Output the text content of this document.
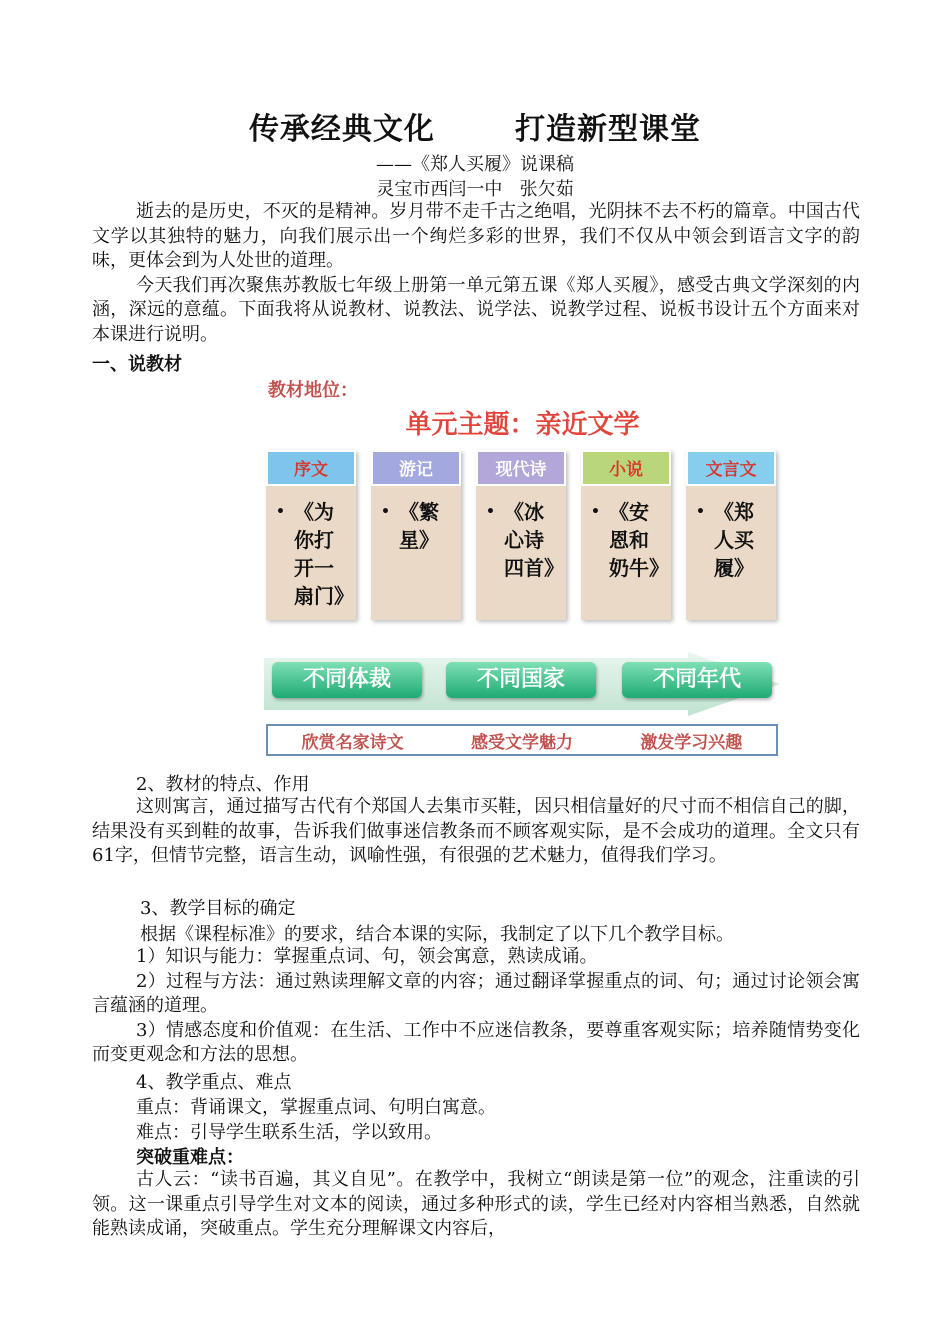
传承经典文化       打造新型课堂
——《郑人买履》说课稿
灵宝市西闫一中   张欠茹

逝去的是历史，不灭的是精神。岁月带不走千古之绝唱，光阴抹不去不朽的篇章。中国古代文学以其独特的魅力，向我们展示出一个绚烂多彩的世界，我们不仅从中领会到语言文字的韵味，更体会到为人处世的道理。

今天我们再次聚焦苏教版七年级上册第一单元第五课《郑人买履》，感受古典文学深刻的内涵，深远的意蕴。下面我将从说教材、说教法、说学法、说教学过程、说板书设计五个方面来对本课进行说明。

一、说教材
教材地位：
单元主题：亲近文学
序文
• 《为你打开一扇门》
游记
• 《繁星》
现代诗
• 《冰心诗四首》
小说
• 《安恩和奶牛》
文言文
• 《郑人买履》
不同体裁	不同国家	不同年代
欣赏名家诗文	感受文学魅力	激发学习兴趣
2、教材的特点、作用

这则寓言，通过描写古代有个郑国人去集市买鞋，因只相信量好的尺寸而不相信自己的脚，结果没有买到鞋的故事，告诉我们做事迷信教条而不顾客观实际，是不会成功的道理。全文只有61字，但情节完整，语言生动，讽喻性强，有很强的艺术魅力，值得我们学习。

3、教学目标的确定
根据《课程标准》的要求，结合本课的实际，我制定了以下几个教学目标。

1）知识与能力：掌握重点词、句，领会寓意，熟读成诵。

2）过程与方法：通过熟读理解文章的内容；通过翻译掌握重点的词、句；通过讨论领会寓言蕴涵的道理。

3）情感态度和价值观：在生活、工作中不应迷信教条，要尊重客观实际；培养随情势变化而变更观念和方法的思想。

4、教学重点、难点
重点：背诵课文，掌握重点词、句明白寓意。
难点：引导学生联系生活，学以致用。
突破重难点：

古人云：“读书百遍，其义自见”。在教学中，我树立“朗读是第一位”的观念，注重读的引领。这一课重点引导学生对文本的阅读，通过多种形式的读，学生已经对内容相当熟悉，自然就能熟读成诵，突破重点。学生充分理解课文内容后，
